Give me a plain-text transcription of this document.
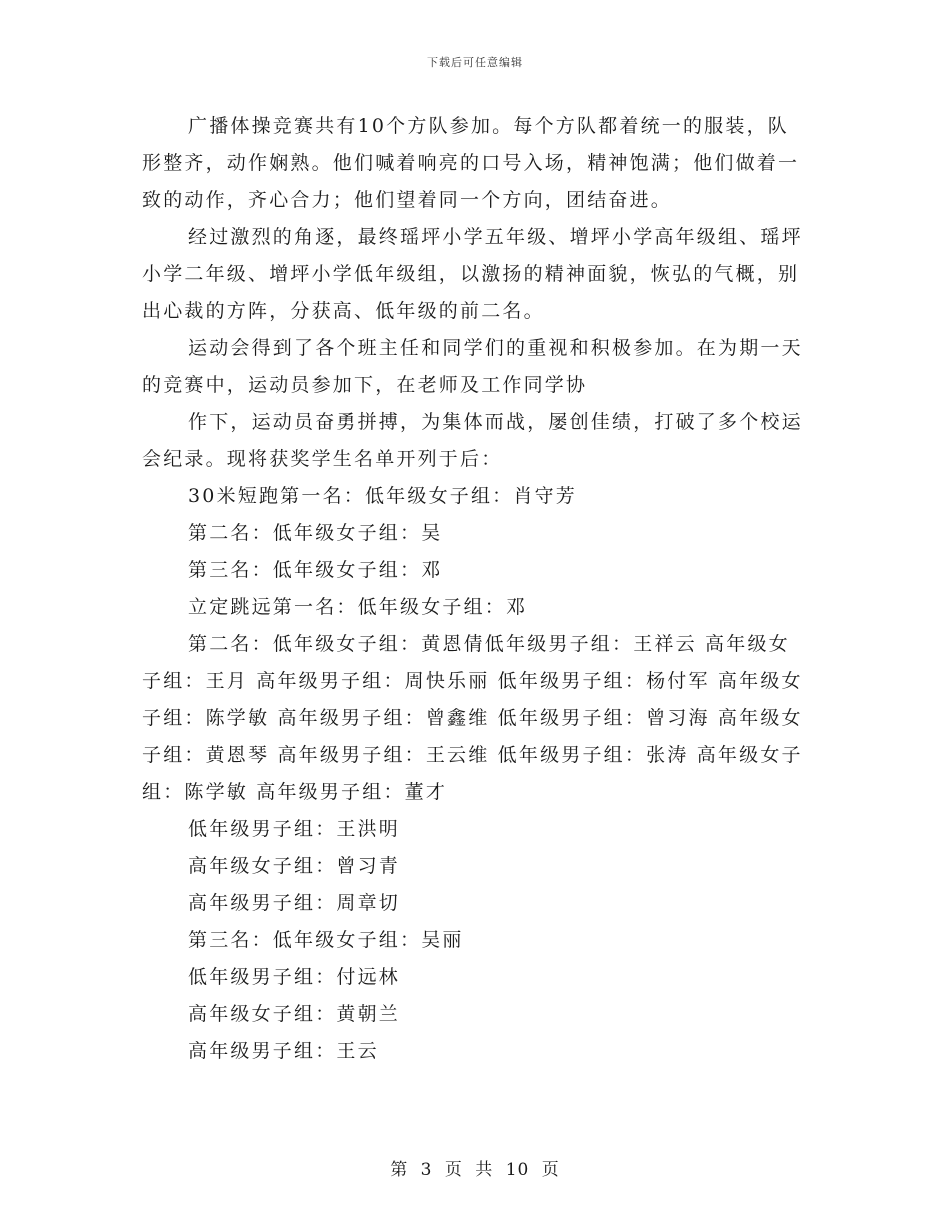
下载后可任意编辑

广播体操竞赛共有10个方队参加。每个方队都着统一的服装，队形整齐，动作娴熟。他们喊着响亮的口号入场，精神饱满；他们做着一致的动作，齐心合力；他们望着同一个方向，团结奋进。

经过激烈的角逐，最终瑶坪小学五年级、增坪小学高年级组、瑶坪小学二年级、增坪小学低年级组，以激扬的精神面貌，恢弘的气概，别出心裁的方阵，分获高、低年级的前二名。

运动会得到了各个班主任和同学们的重视和积极参加。在为期一天的竞赛中，运动员参加下，在老师及工作同学协

作下，运动员奋勇拼搏，为集体而战，屡创佳绩，打破了多个校运会纪录。现将获奖学生名单开列于后：

30米短跑第一名：低年级女子组：肖守芳

第二名：低年级女子组：吴

第三名：低年级女子组：邓

立定跳远第一名：低年级女子组：邓

第二名：低年级女子组：黄恩倩低年级男子组：王祥云 高年级女子组：王月 高年级男子组：周快乐丽 低年级男子组：杨付军 高年级女子组：陈学敏 高年级男子组：曾鑫维 低年级男子组：曾习海 高年级女子组：黄恩琴 高年级男子组：王云维 低年级男子组：张涛 高年级女子组：陈学敏 高年级男子组：董才

低年级男子组：王洪明

高年级女子组：曾习青

高年级男子组：周章切

第三名：低年级女子组：吴丽

低年级男子组：付远林

高年级女子组：黄朝兰

高年级男子组：王云

第 3 页 共 10 页
